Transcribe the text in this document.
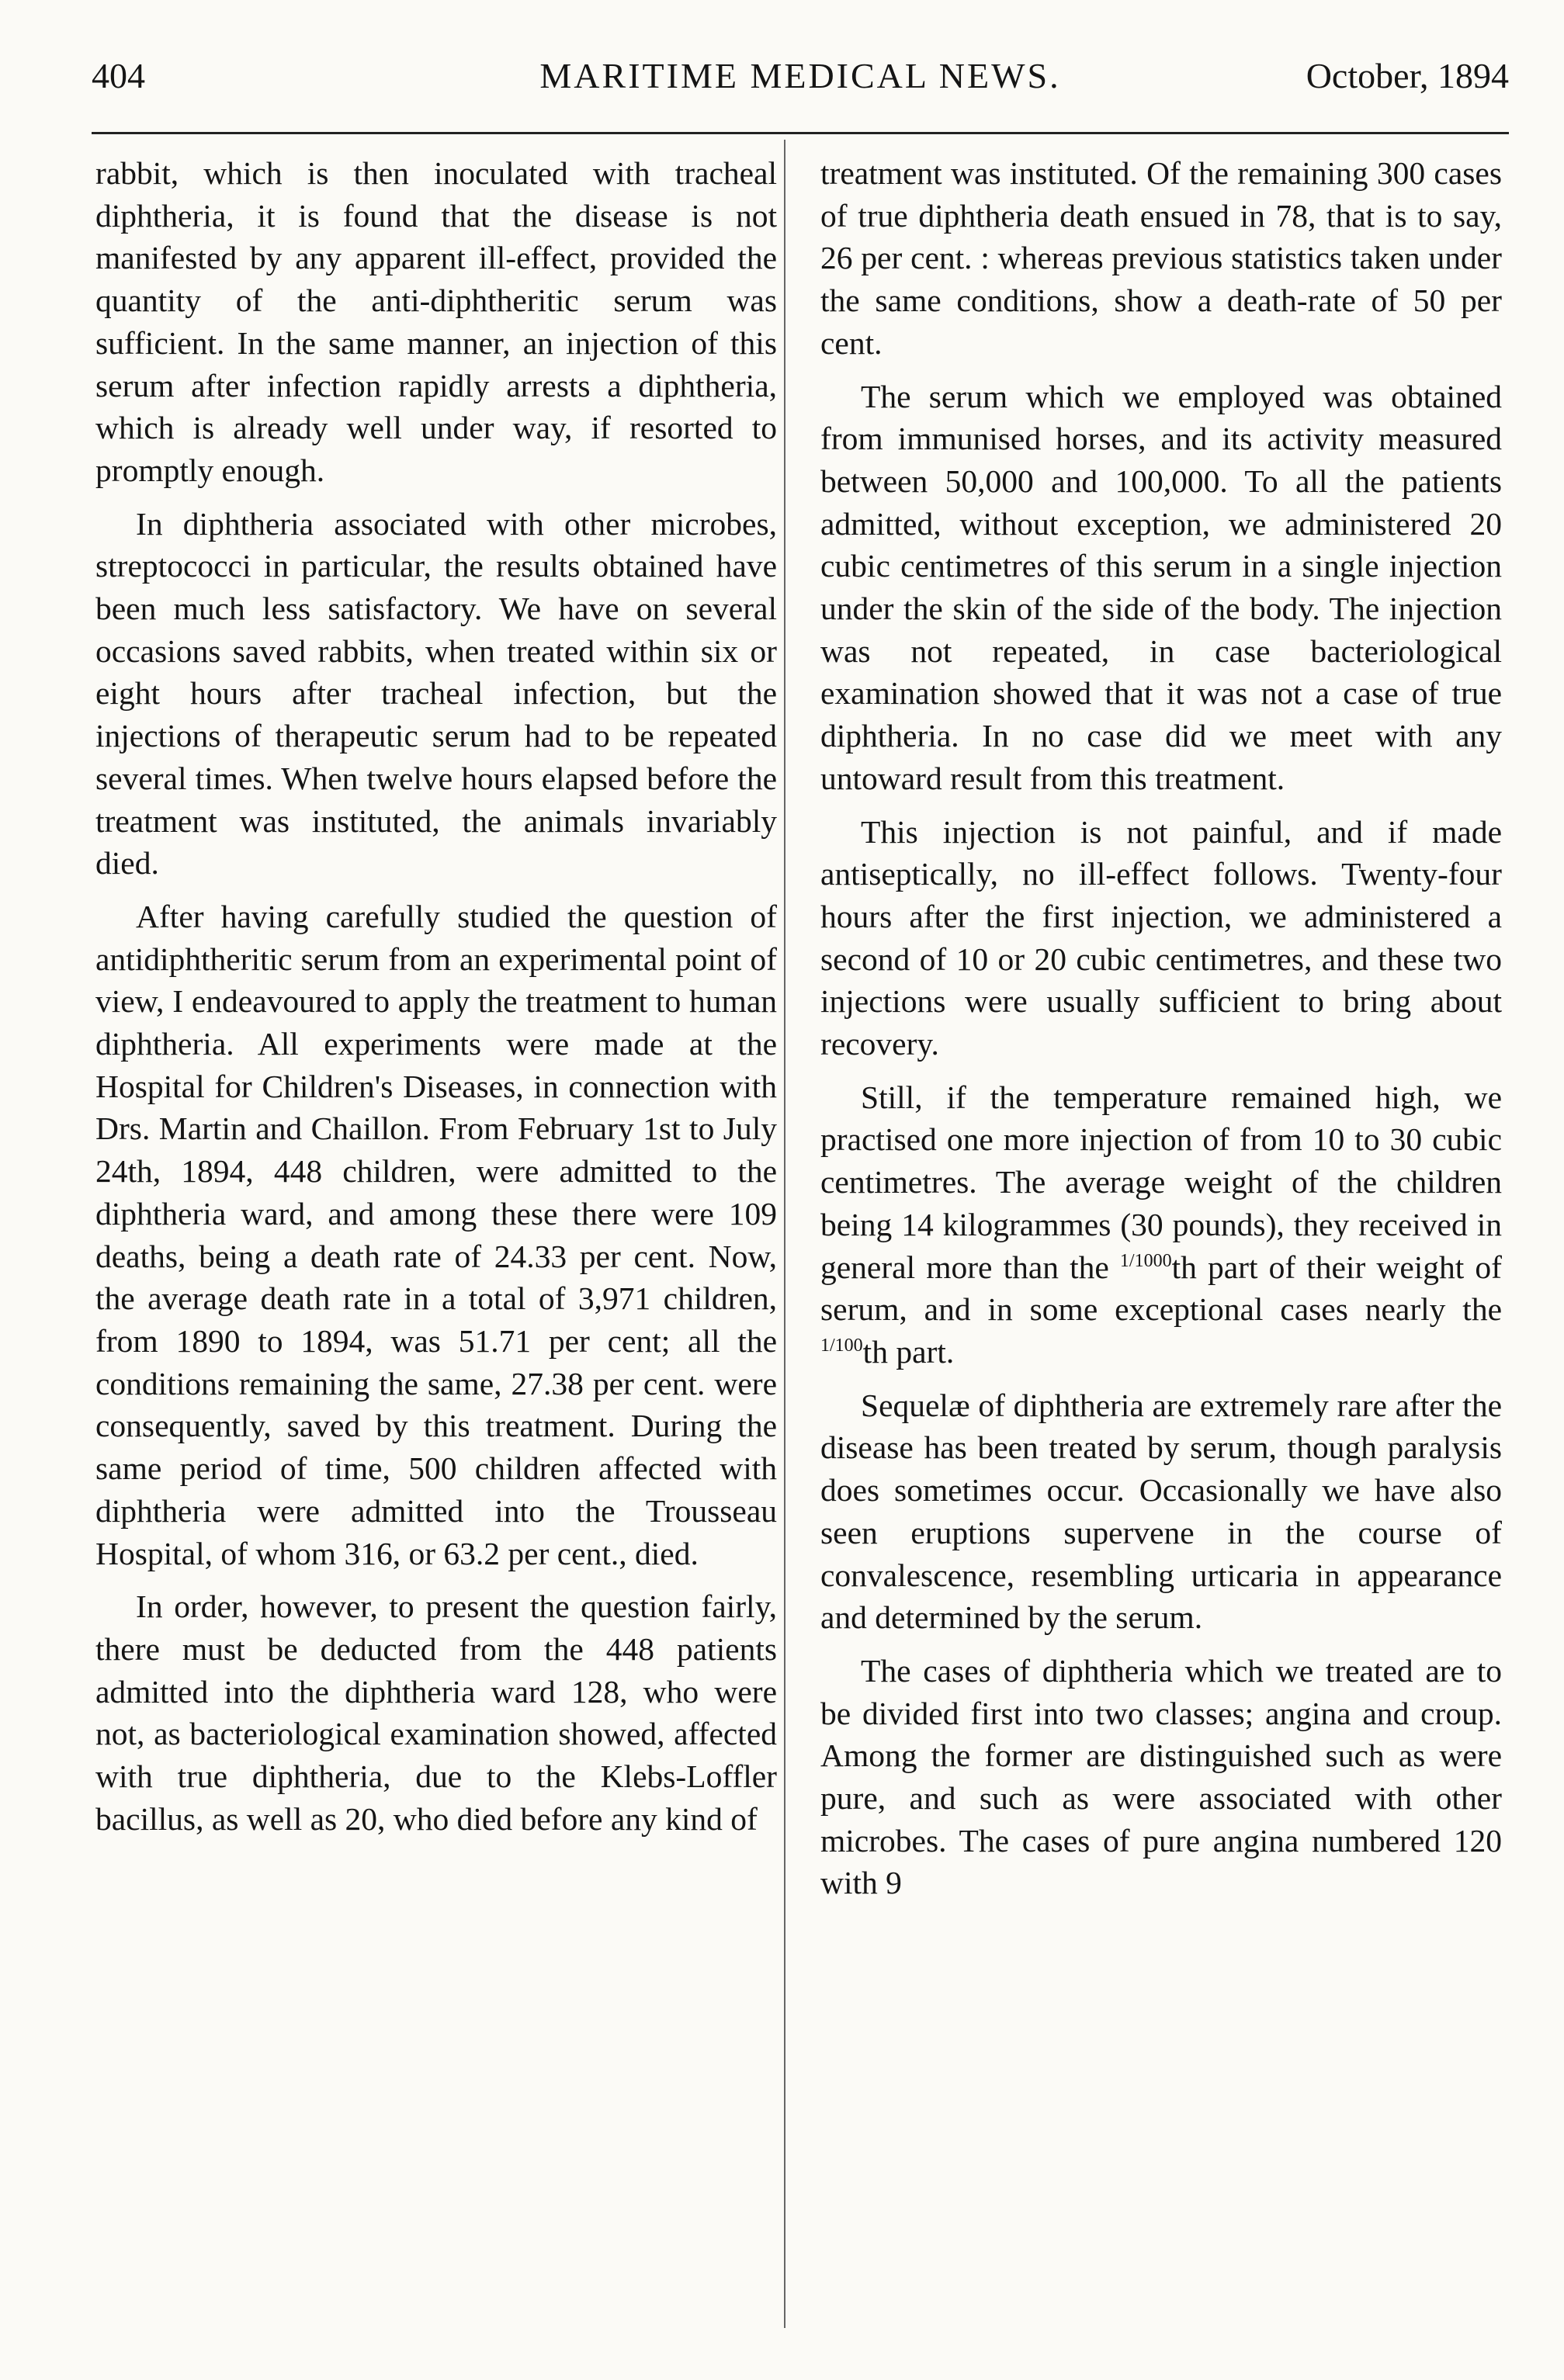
404	MARITIME MEDICAL NEWS.	October, 1894

rabbit, which is then inoculated with tracheal diphtheria, it is found that the disease is not manifested by any apparent ill-effect, provided the quantity of the anti-diphtheritic serum was sufficient. In the same manner, an injection of this serum after infection rapidly arrests a diphtheria, which is already well under way, if resorted to promptly enough.

In diphtheria associated with other microbes, streptococci in particular, the results obtained have been much less satisfactory. We have on several occasions saved rabbits, when treated within six or eight hours after tracheal infection, but the injections of therapeutic serum had to be repeated several times. When twelve hours elapsed before the treatment was instituted, the animals invariably died.

After having carefully studied the question of antidiphtheritic serum from an experimental point of view, I endeavoured to apply the treatment to human diphtheria. All experiments were made at the Hospital for Children's Diseases, in connection with Drs. Martin and Chaillon. From February 1st to July 24th, 1894, 448 children, were admitted to the diphtheria ward, and among these there were 109 deaths, being a death rate of 24.33 per cent. Now, the average death rate in a total of 3,971 children, from 1890 to 1894, was 51.71 per cent; all the conditions remaining the same, 27.38 per cent. were consequently, saved by this treatment. During the same period of time, 500 children affected with diphtheria were admitted into the Trousseau Hospital, of whom 316, or 63.2 per cent., died.

In order, however, to present the question fairly, there must be deducted from the 448 patients admitted into the diphtheria ward 128, who were not, as bacteriological examination showed, affected with true diphtheria, due to the Klebs-Loffler bacillus, as well as 20, who died before any kind of

treatment was instituted. Of the remaining 300 cases of true diphtheria death ensued in 78, that is to say, 26 per cent. : whereas previous statistics taken under the same conditions, show a death-rate of 50 per cent.

The serum which we employed was obtained from immunised horses, and its activity measured between 50,000 and 100,000. To all the patients admitted, without exception, we administered 20 cubic centimetres of this serum in a single injection under the skin of the side of the body. The injection was not repeated, in case bacteriological examination showed that it was not a case of true diphtheria. In no case did we meet with any untoward result from this treatment.

This injection is not painful, and if made antiseptically, no ill-effect follows. Twenty-four hours after the first injection, we administered a second of 10 or 20 cubic centimetres, and these two injections were usually sufficient to bring about recovery.

Still, if the temperature remained high, we practised one more injection of from 10 to 30 cubic centimetres. The average weight of the children being 14 kilogrammes (30 pounds), they received in general more than the $^{1/1000}$th part of their weight of serum, and in some exceptional cases nearly the $^{1/100}$th part.

Sequelæ of diphtheria are extremely rare after the disease has been treated by serum, though paralysis does sometimes occur. Occasionally we have also seen eruptions supervene in the course of convalescence, resembling urticaria in appearance and determined by the serum.

The cases of diphtheria which we treated are to be divided first into two classes; angina and croup. Among the former are distinguished such as were pure, and such as were associated with other microbes. The cases of pure angina numbered 120 with 9
